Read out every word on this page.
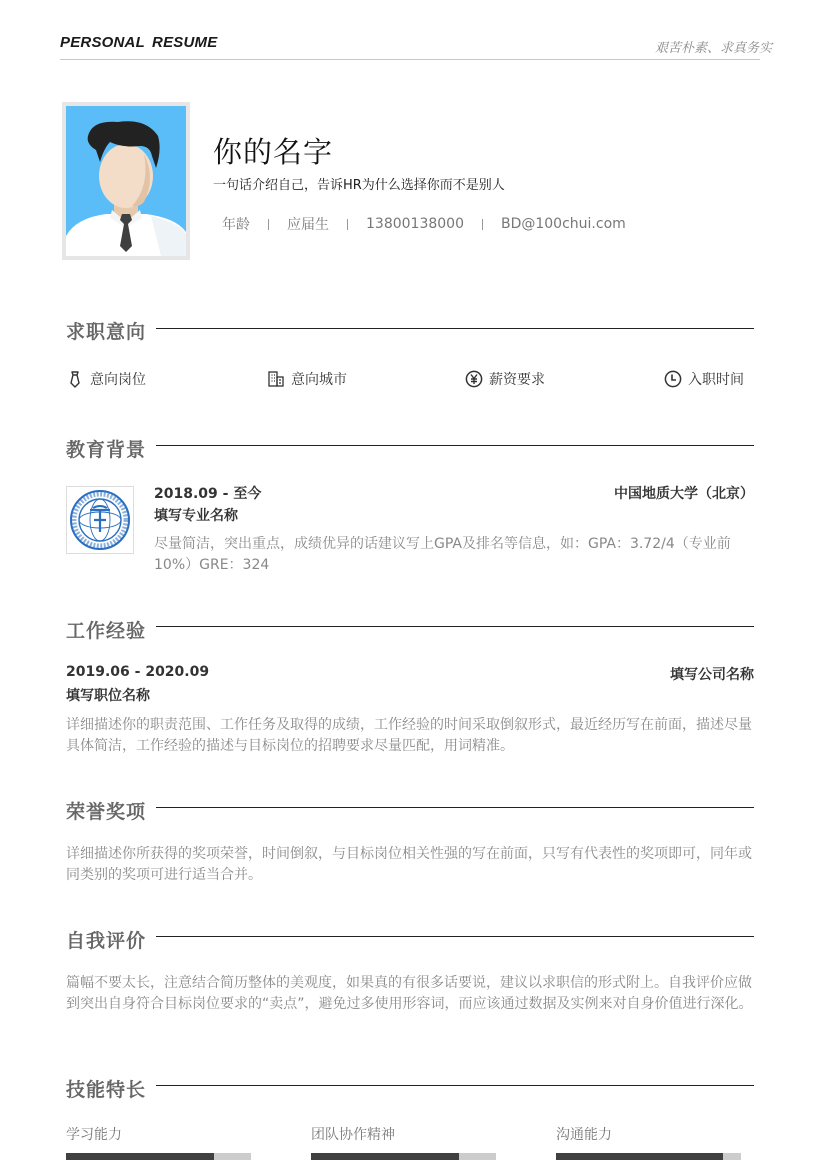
PERSONAL RESUME	艰苦朴素、求真务实
你的名字
一句话介绍自己，告诉HR为什么选择你而不是别人
年龄	应届生	13800138000	BD@100chui.com
求职意向
意向岗位	意向城市	薪资要求	入职时间
教育背景
2018.09 - 至今	中国地质大学（北京）
填写专业名称
尽量简洁，突出重点，成绩优异的话建议写上GPA及排名等信息，如：GPA：3.72/4（专业前10%）GRE：324
工作经验
2019.06 - 2020.09	填写公司名称
填写职位名称
详细描述你的职责范围、工作任务及取得的成绩，工作经验的时间采取倒叙形式，最近经历写在前面，描述尽量具体简洁，工作经验的描述与目标岗位的招聘要求尽量匹配，用词精准。
荣誉奖项
详细描述你所获得的奖项荣誉，时间倒叙，与目标岗位相关性强的写在前面，只写有代表性的奖项即可，同年或同类别的奖项可进行适当合并。
自我评价
篇幅不要太长，注意结合简历整体的美观度，如果真的有很多话要说，建议以求职信的形式附上。自我评价应做到突出自身符合目标岗位要求的“卖点”，避免过多使用形容词，而应该通过数据及实例来对自身价值进行深化。
技能特长
学习能力	团队协作精神	沟通能力
